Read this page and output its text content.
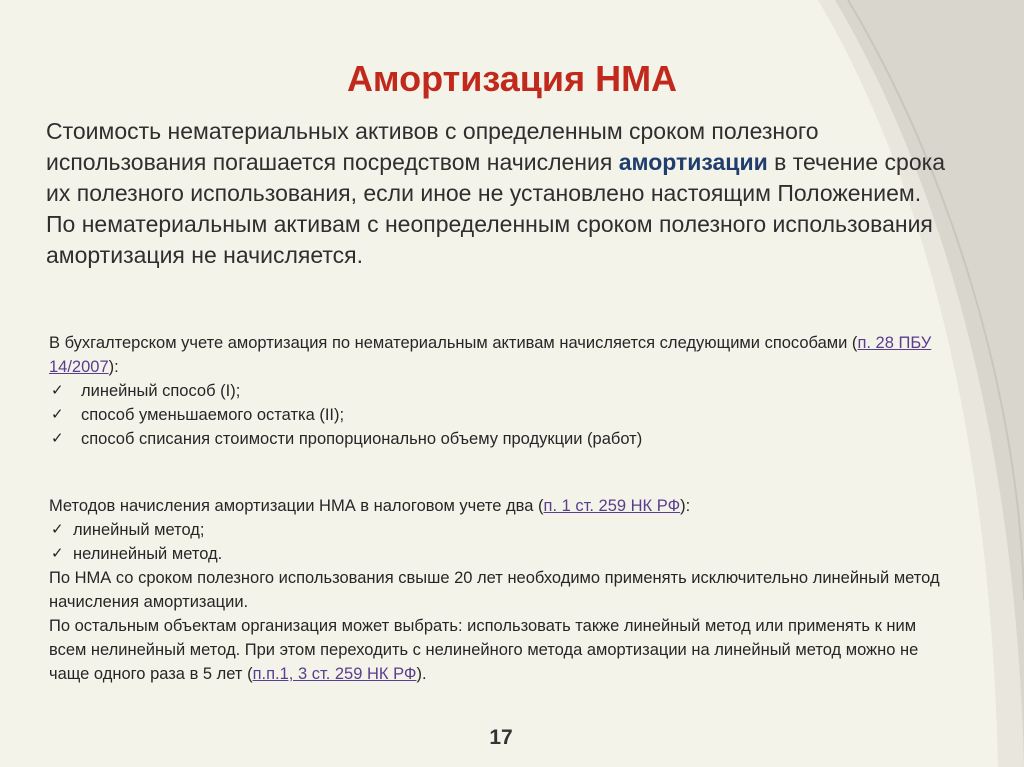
Амортизация НМА

Стоимость нематериальных активов с определенным сроком полезного использования погашается посредством начисления амортизации в течение срока их полезного использования, если иное не установлено настоящим Положением.

По нематериальным активам с неопределенным сроком полезного использования амортизация не начисляется.

В бухгалтерском учете амортизация по нематериальным активам начисляется следующими способами (п. 28 ПБУ 14/2007):

✓ линейный способ (I);
✓ способ уменьшаемого остатка (II);
✓ способ списания стоимости пропорционально объему продукции (работ)

Методов начисления амортизации НМА в налоговом учете два (п. 1 ст. 259 НК РФ):

✓ линейный метод;
✓ нелинейный метод.

По НМА со сроком полезного использования свыше 20 лет необходимо применять исключительно линейный метод начисления амортизации.

По остальным объектам организация может выбрать: использовать также линейный метод или применять к ним всем нелинейный метод. При этом переходить с нелинейного метода амортизации на линейный метод можно не чаще одного раза в 5 лет (п.п.1, 3 ст. 259 НК РФ).

17
